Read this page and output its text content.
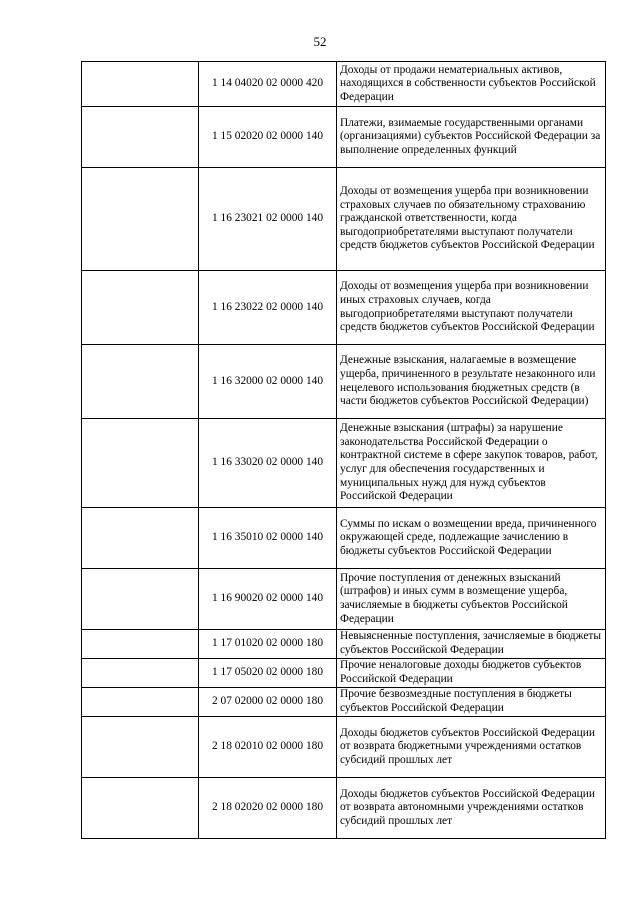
52
	1 14 04020 02 0000 420	Доходы от продажи нематериальных активов, находящихся в собственности субъектов Российской Федерации
	1 15 02020 02 0000 140	Платежи, взимаемые государственными органами (организациями) субъектов Российской Федерации за выполнение определенных функций
	1 16 23021 02 0000 140	Доходы от возмещения ущерба при возникновении страховых случаев по обязательному страхованию гражданской ответственности, когда выгодоприобретателями выступают получатели средств бюджетов субъектов Российской Федерации
	1 16 23022 02 0000 140	Доходы от возмещения ущерба при возникновении иных страховых случаев, когда выгодоприобретателями выступают получатели средств бюджетов субъектов Российской Федерации
	1 16 32000 02 0000 140	Денежные взыскания, налагаемые в возмещение ущерба, причиненного в результате незаконного или нецелевого использования бюджетных средств (в части бюджетов субъектов Российской Федерации)
	1 16 33020 02 0000 140	Денежные взыскания (штрафы) за нарушение законодательства Российской Федерации о контрактной системе в сфере закупок товаров, работ, услуг для обеспечения государственных и муниципальных нужд для нужд субъектов Российской Федерации
	1 16 35010 02 0000 140	Суммы по искам о возмещении вреда, причиненного окружающей среде, подлежащие зачислению в бюджеты субъектов Российской Федерации
	1 16 90020 02 0000 140	Прочие поступления от денежных взысканий (штрафов) и иных сумм в возмещение ущерба, зачисляемые в бюджеты субъектов Российской Федерации
	1 17 01020 02 0000 180	Невыясненные поступления, зачисляемые в бюджеты субъектов Российской Федерации
	1 17 05020 02 0000 180	Прочие неналоговые доходы бюджетов субъектов Российской Федерации
	2 07 02000 02 0000 180	Прочие безвозмездные поступления в бюджеты субъектов Российской Федерации
	2 18 02010 02 0000 180	Доходы бюджетов субъектов Российской Федерации от возврата бюджетными учреждениями остатков субсидий прошлых лет
	2 18 02020 02 0000 180	Доходы бюджетов субъектов Российской Федерации от возврата автономными учреждениями остатков субсидий прошлых лет
